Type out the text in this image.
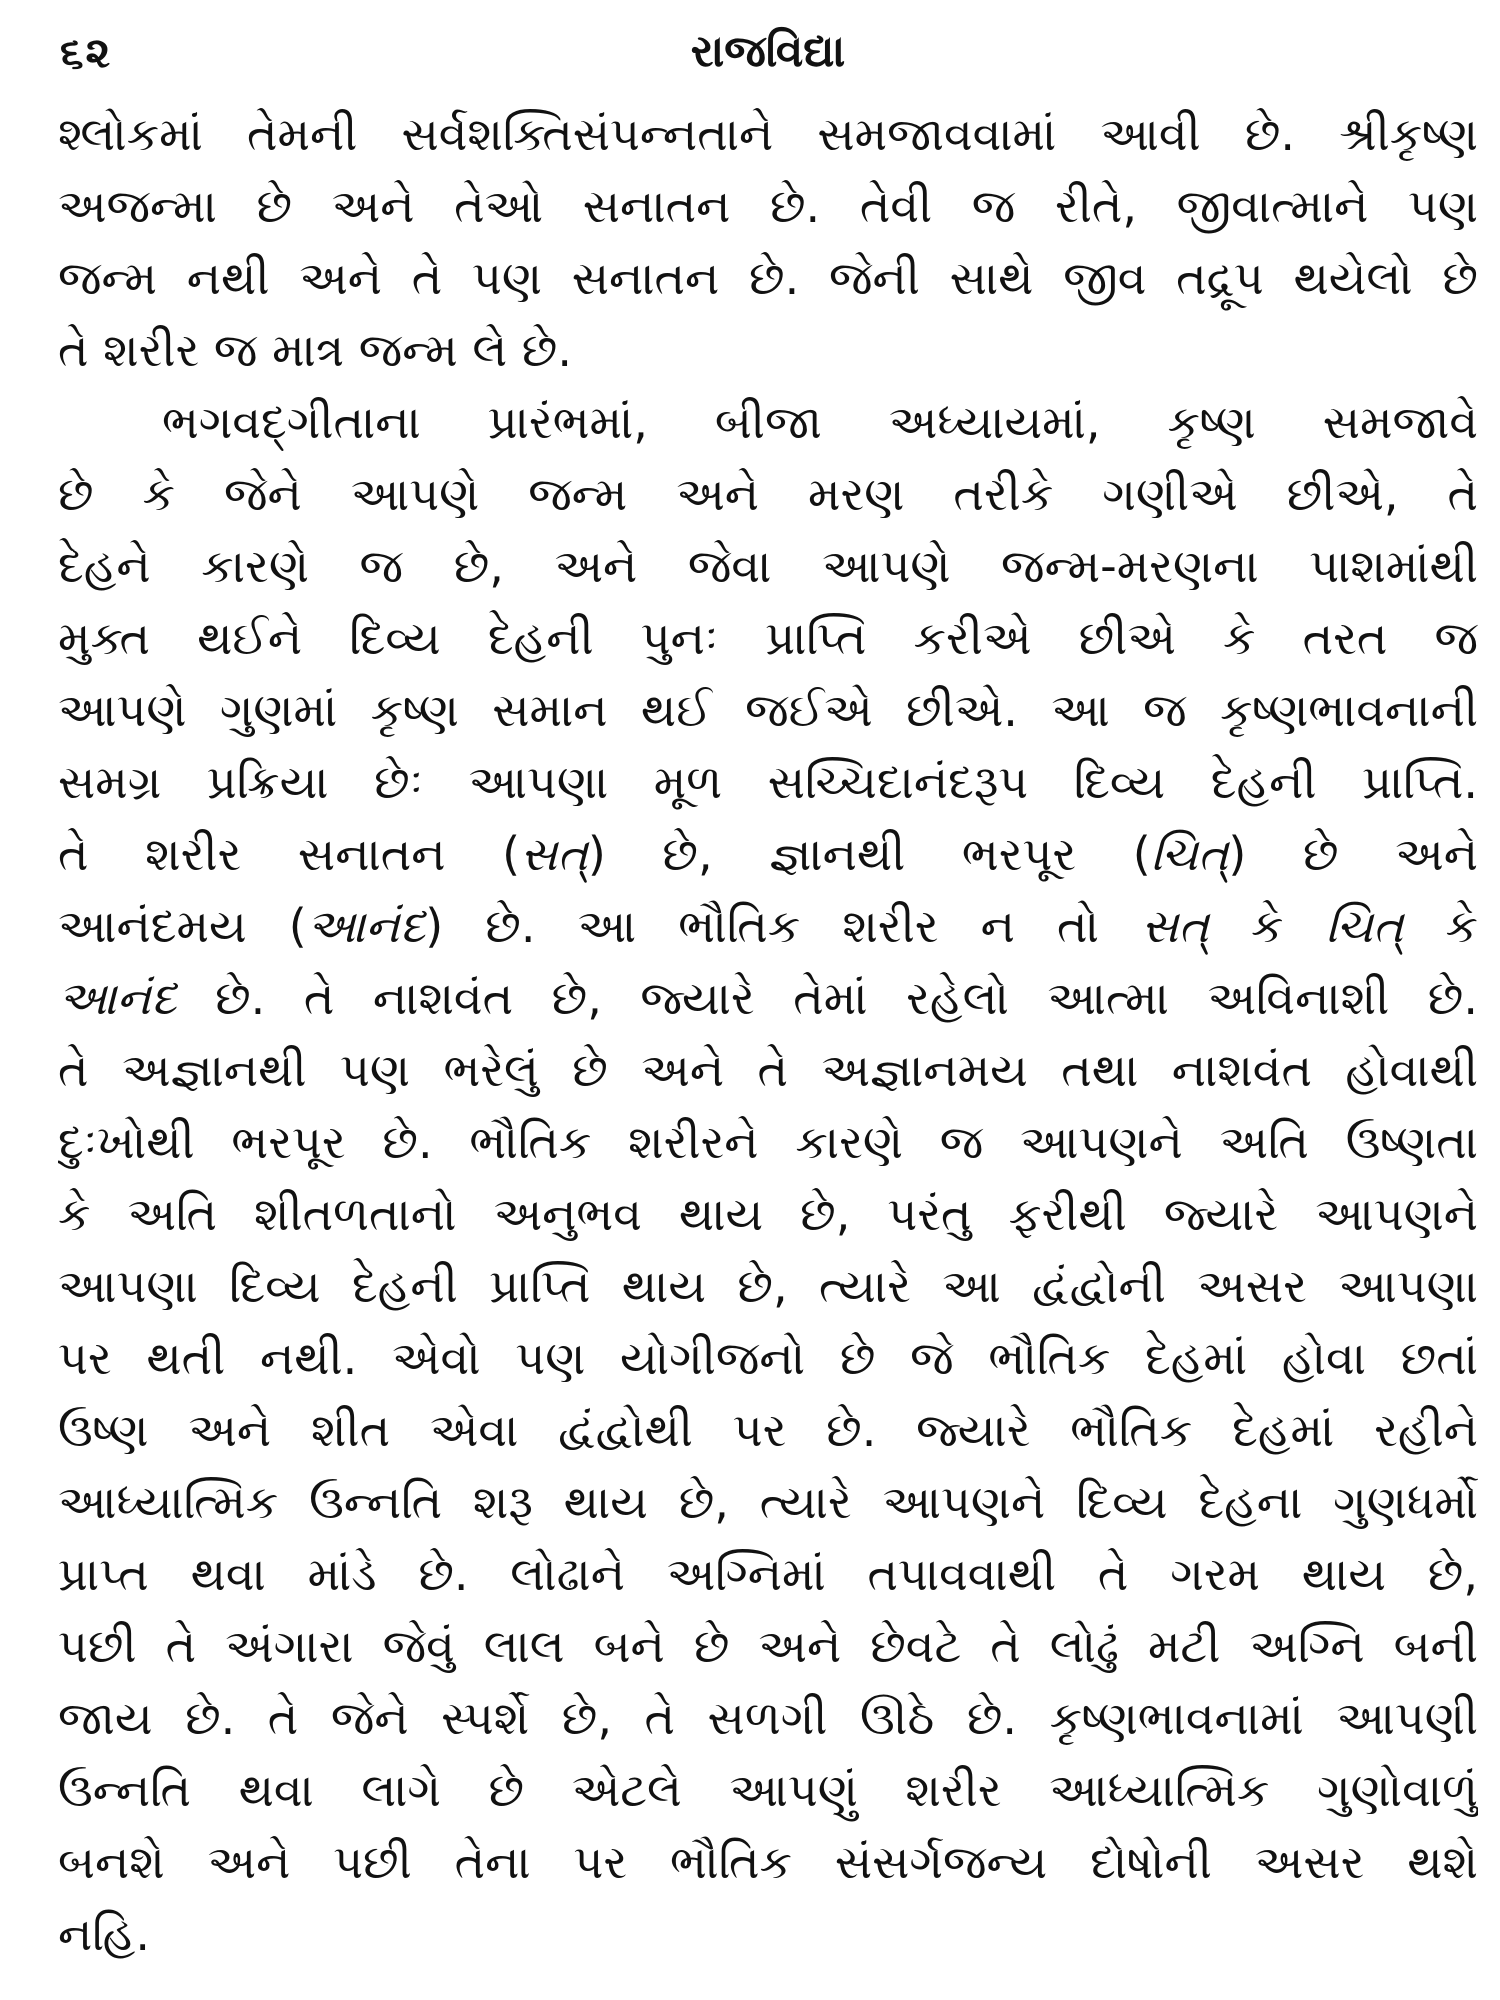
૬૨	રાજવિદ્યા
શ્લોકમાં તેમની સર્વશક્તિસંપન્નતાને સમજાવવામાં આવી છે. શ્રીકૃષ્ણ
અજન્મા છે અને તેઓ સનાતન છે. તેવી જ રીતે, જીવાત્માને પણ
જન્મ નથી અને તે પણ સનાતન છે. જેની સાથે જીવ તદ્રૂપ થયેલો છે
તે શરીર જ માત્ર જન્મ લે છે.
ભગવદ્ગીતાના પ્રારંભમાં, બીજા અધ્યાયમાં, કૃષ્ણ સમજાવે
છે કે જેને આપણે જન્મ અને મરણ તરીકે ગણીએ છીએ, તે
દેહને કારણે જ છે, અને જેવા આપણે જન્મ-મરણના પાશમાંથી
મુક્ત થઈને દિવ્ય દેહની પુનઃ પ્રાપ્તિ કરીએ છીએ કે તરત જ
આપણે ગુણમાં કૃષ્ણ સમાન થઈ જઈએ છીએ. આ જ કૃષ્ણભાવનાની
સમગ્ર પ્રક્રિયા છેઃ આપણા મૂળ સચ્ચિદાનંદરૂપ દિવ્ય દેહની પ્રાપ્તિ.
તે શરીર સનાતન (સત્) છે, જ્ઞાનથી ભરપૂર (ચિત્) છે અને
આનંદમય (આનંદ) છે. આ ભૌતિક શરીર ન તો સત્ કે ચિત્ કે
આનંદ છે. તે નાશવંત છે, જ્યારે તેમાં રહેલો આત્મા અવિનાશી છે.
તે અજ્ઞાનથી પણ ભરેલું છે અને તે અજ્ઞાનમય તથા નાશવંત હોવાથી
દુઃખોથી ભરપૂર છે. ભૌતિક શરીરને કારણે જ આપણને અતિ ઉષ્ણતા
કે અતિ શીતળતાનો અનુભવ થાય છે, પરંતુ ફરીથી જ્યારે આપણને
આપણા દિવ્ય દેહની પ્રાપ્તિ થાય છે, ત્યારે આ દ્વંદ્વોની અસર આપણા
પર થતી નથી. એવો પણ યોગીજનો છે જે ભૌતિક દેહમાં હોવા છતાં
ઉષ્ણ અને શીત એવા દ્વંદ્વોથી પર છે. જ્યારે ભૌતિક દેહમાં રહીને
આધ્યાત્મિક ઉન્નતિ શરૂ થાય છે, ત્યારે આપણને દિવ્ય દેહના ગુણધર્મો
પ્રાપ્ત થવા માંડે છે. લોઢાને અગ્નિમાં તપાવવાથી તે ગરમ થાય છે,
પછી તે અંગારા જેવું લાલ બને છે અને છેવટે તે લોઢું મટી અગ્નિ બની
જાય છે. તે જેને સ્પર્શે છે, તે સળગી ઊઠે છે. કૃષ્ણભાવનામાં આપણી
ઉન્નતિ થવા લાગે છે એટલે આપણું શરીર આધ્યાત્મિક ગુણોવાળું
બનશે અને પછી તેના પર ભૌતિક સંસર્ગજન્ય દોષોની અસર થશે
નહિ.
